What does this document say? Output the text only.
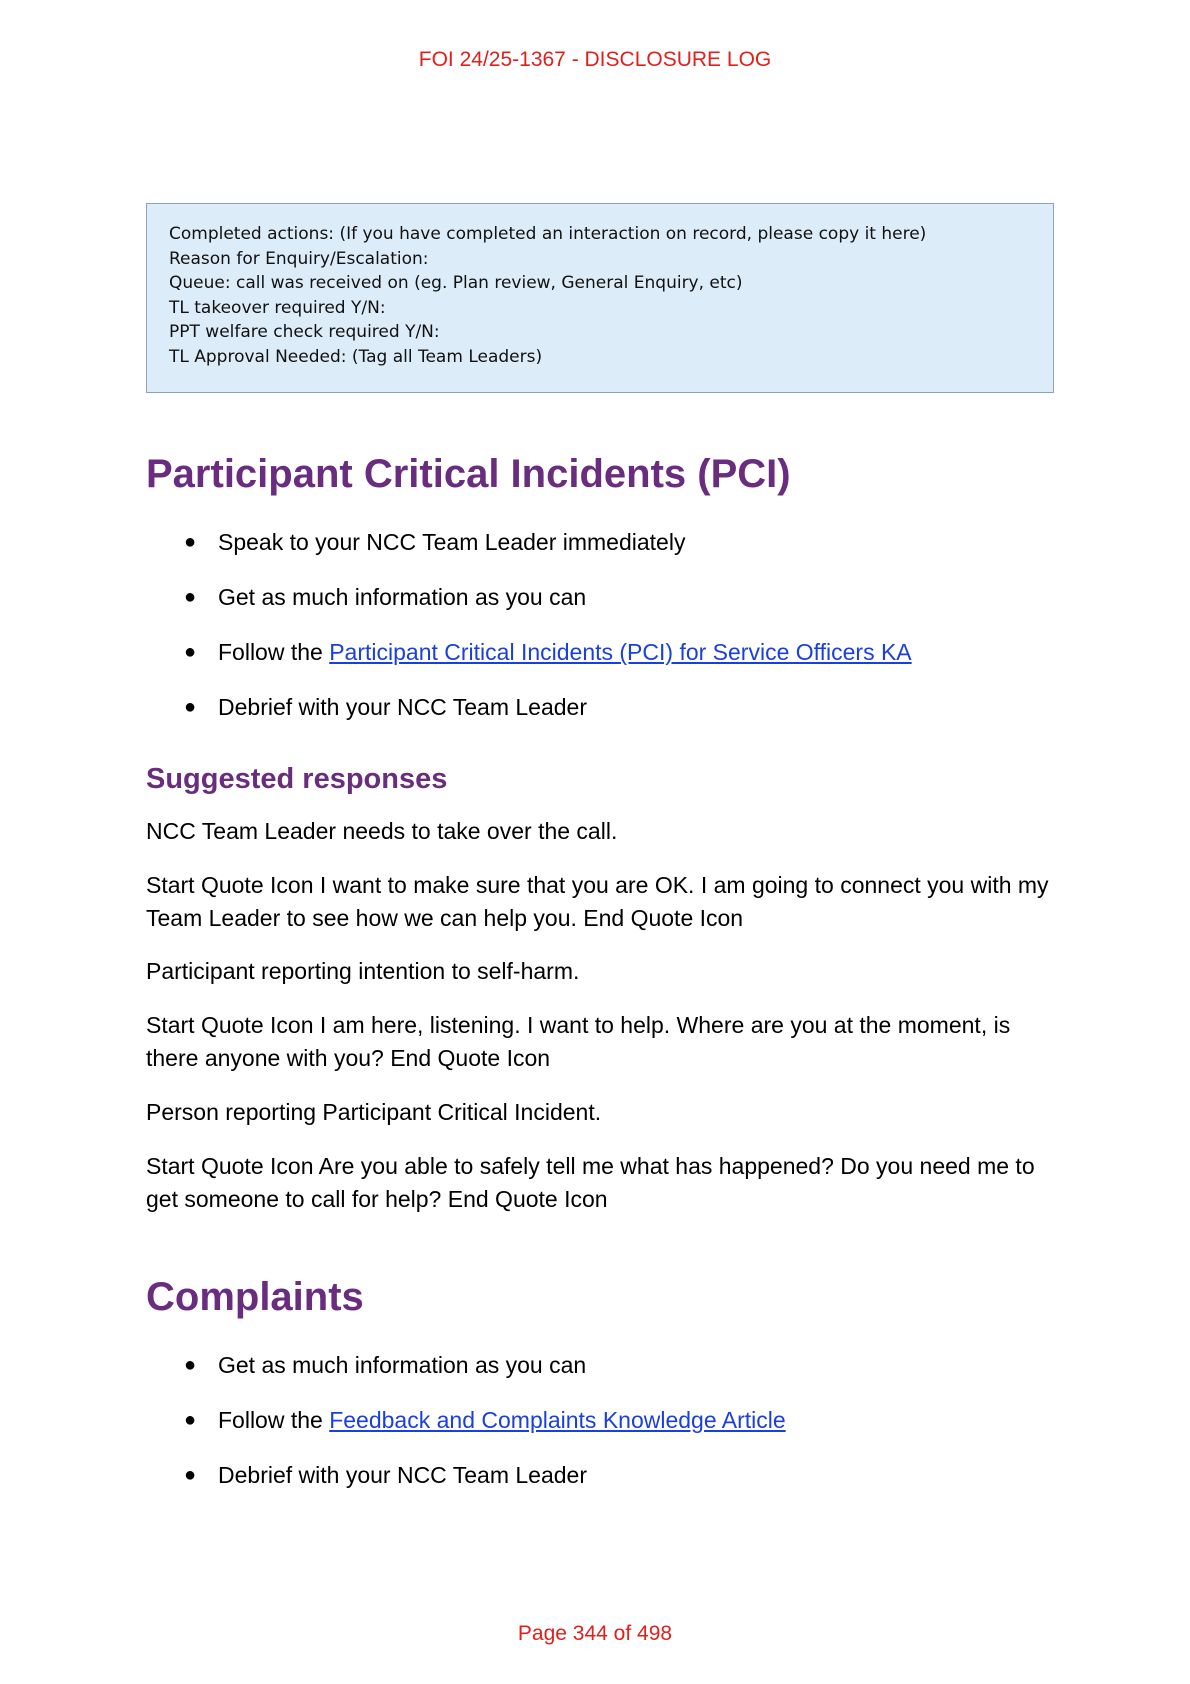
FOI 24/25-1367 - DISCLOSURE LOG
Completed actions: (If you have completed an interaction on record, please copy it here)
Reason for Enquiry/Escalation:
Queue: call was received on (eg. Plan review, General Enquiry, etc)
TL takeover required Y/N:
PPT welfare check required Y/N:
TL Approval Needed: (Tag all Team Leaders)
Participant Critical Incidents (PCI)
● Speak to your NCC Team Leader immediately
● Get as much information as you can
● Follow the Participant Critical Incidents (PCI) for Service Officers KA
● Debrief with your NCC Team Leader
Suggested responses

NCC Team Leader needs to take over the call.

Start Quote Icon I want to make sure that you are OK. I am going to connect you with my Team Leader to see how we can help you. End Quote Icon

Participant reporting intention to self-harm.

Start Quote Icon I am here, listening. I want to help. Where are you at the moment, is there anyone with you? End Quote Icon

Person reporting Participant Critical Incident.

Start Quote Icon Are you able to safely tell me what has happened? Do you need me to get someone to call for help? End Quote Icon

Complaints
● Get as much information as you can
● Follow the Feedback and Complaints Knowledge Article
● Debrief with your NCC Team Leader
Page 344 of 498
